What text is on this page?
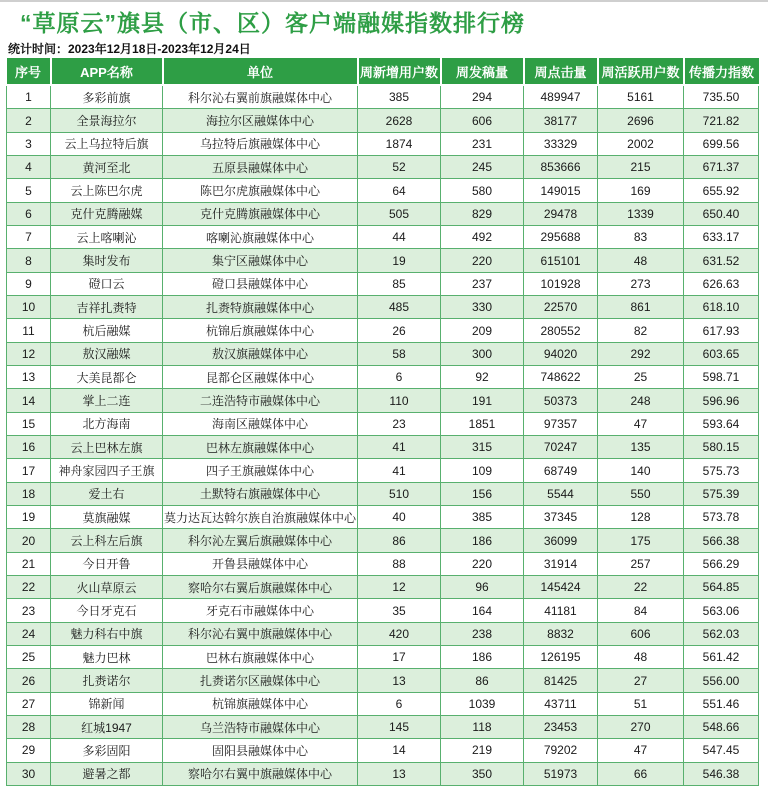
“草原云”旗县（市、区）客户端融媒指数排行榜
统计时间：2023年12月18日-2023年12月24日
序号	APP名称	单位	周新增用户数	周发稿量	周点击量	周活跃用户数	传播力指数
1	多彩前旗	科尔沁右翼前旗融媒体中心	385	294	489947	5161	735.50
2	全景海拉尔	海拉尔区融媒体中心	2628	606	38177	2696	721.82
3	云上乌拉特后旗	乌拉特后旗融媒体中心	1874	231	33329	2002	699.56
4	黄河至北	五原县融媒体中心	52	245	853666	215	671.37
5	云上陈巴尔虎	陈巴尔虎旗融媒体中心	64	580	149015	169	655.92
6	克什克腾融媒	克什克腾旗融媒体中心	505	829	29478	1339	650.40
7	云上喀喇沁	喀喇沁旗融媒体中心	44	492	295688	83	633.17
8	集时发布	集宁区融媒体中心	19	220	615101	48	631.52
9	磴口云	磴口县融媒体中心	85	237	101928	273	626.63
10	吉祥扎赉特	扎赉特旗融媒体中心	485	330	22570	861	618.10
11	杭后融媒	杭锦后旗融媒体中心	26	209	280552	82	617.93
12	敖汉融媒	敖汉旗融媒体中心	58	300	94020	292	603.65
13	大美昆都仑	昆都仑区融媒体中心	6	92	748622	25	598.71
14	掌上二连	二连浩特市融媒体中心	110	191	50373	248	596.96
15	北方海南	海南区融媒体中心	23	1851	97357	47	593.64
16	云上巴林左旗	巴林左旗融媒体中心	41	315	70247	135	580.15
17	神舟家园四子王旗	四子王旗融媒体中心	41	109	68749	140	575.73
18	爱土右	土默特右旗融媒体中心	510	156	5544	550	575.39
19	莫旗融媒	莫力达瓦达斡尔族自治旗融媒体中心	40	385	37345	128	573.78
20	云上科左后旗	科尔沁左翼后旗融媒体中心	86	186	36099	175	566.38
21	今日开鲁	开鲁县融媒体中心	88	220	31914	257	566.29
22	火山草原云	察哈尔右翼后旗融媒体中心	12	96	145424	22	564.85
23	今日牙克石	牙克石市融媒体中心	35	164	41181	84	563.06
24	魅力科右中旗	科尔沁右翼中旗融媒体中心	420	238	8832	606	562.03
25	魅力巴林	巴林右旗融媒体中心	17	186	126195	48	561.42
26	扎赉诺尔	扎赉诺尔区融媒体中心	13	86	81425	27	556.00
27	锦新闻	杭锦旗融媒体中心	6	1039	43711	51	551.46
28	红城1947	乌兰浩特市融媒体中心	145	118	23453	270	548.66
29	多彩固阳	固阳县融媒体中心	14	219	79202	47	547.45
30	避暑之都	察哈尔右翼中旗融媒体中心	13	350	51973	66	546.38
